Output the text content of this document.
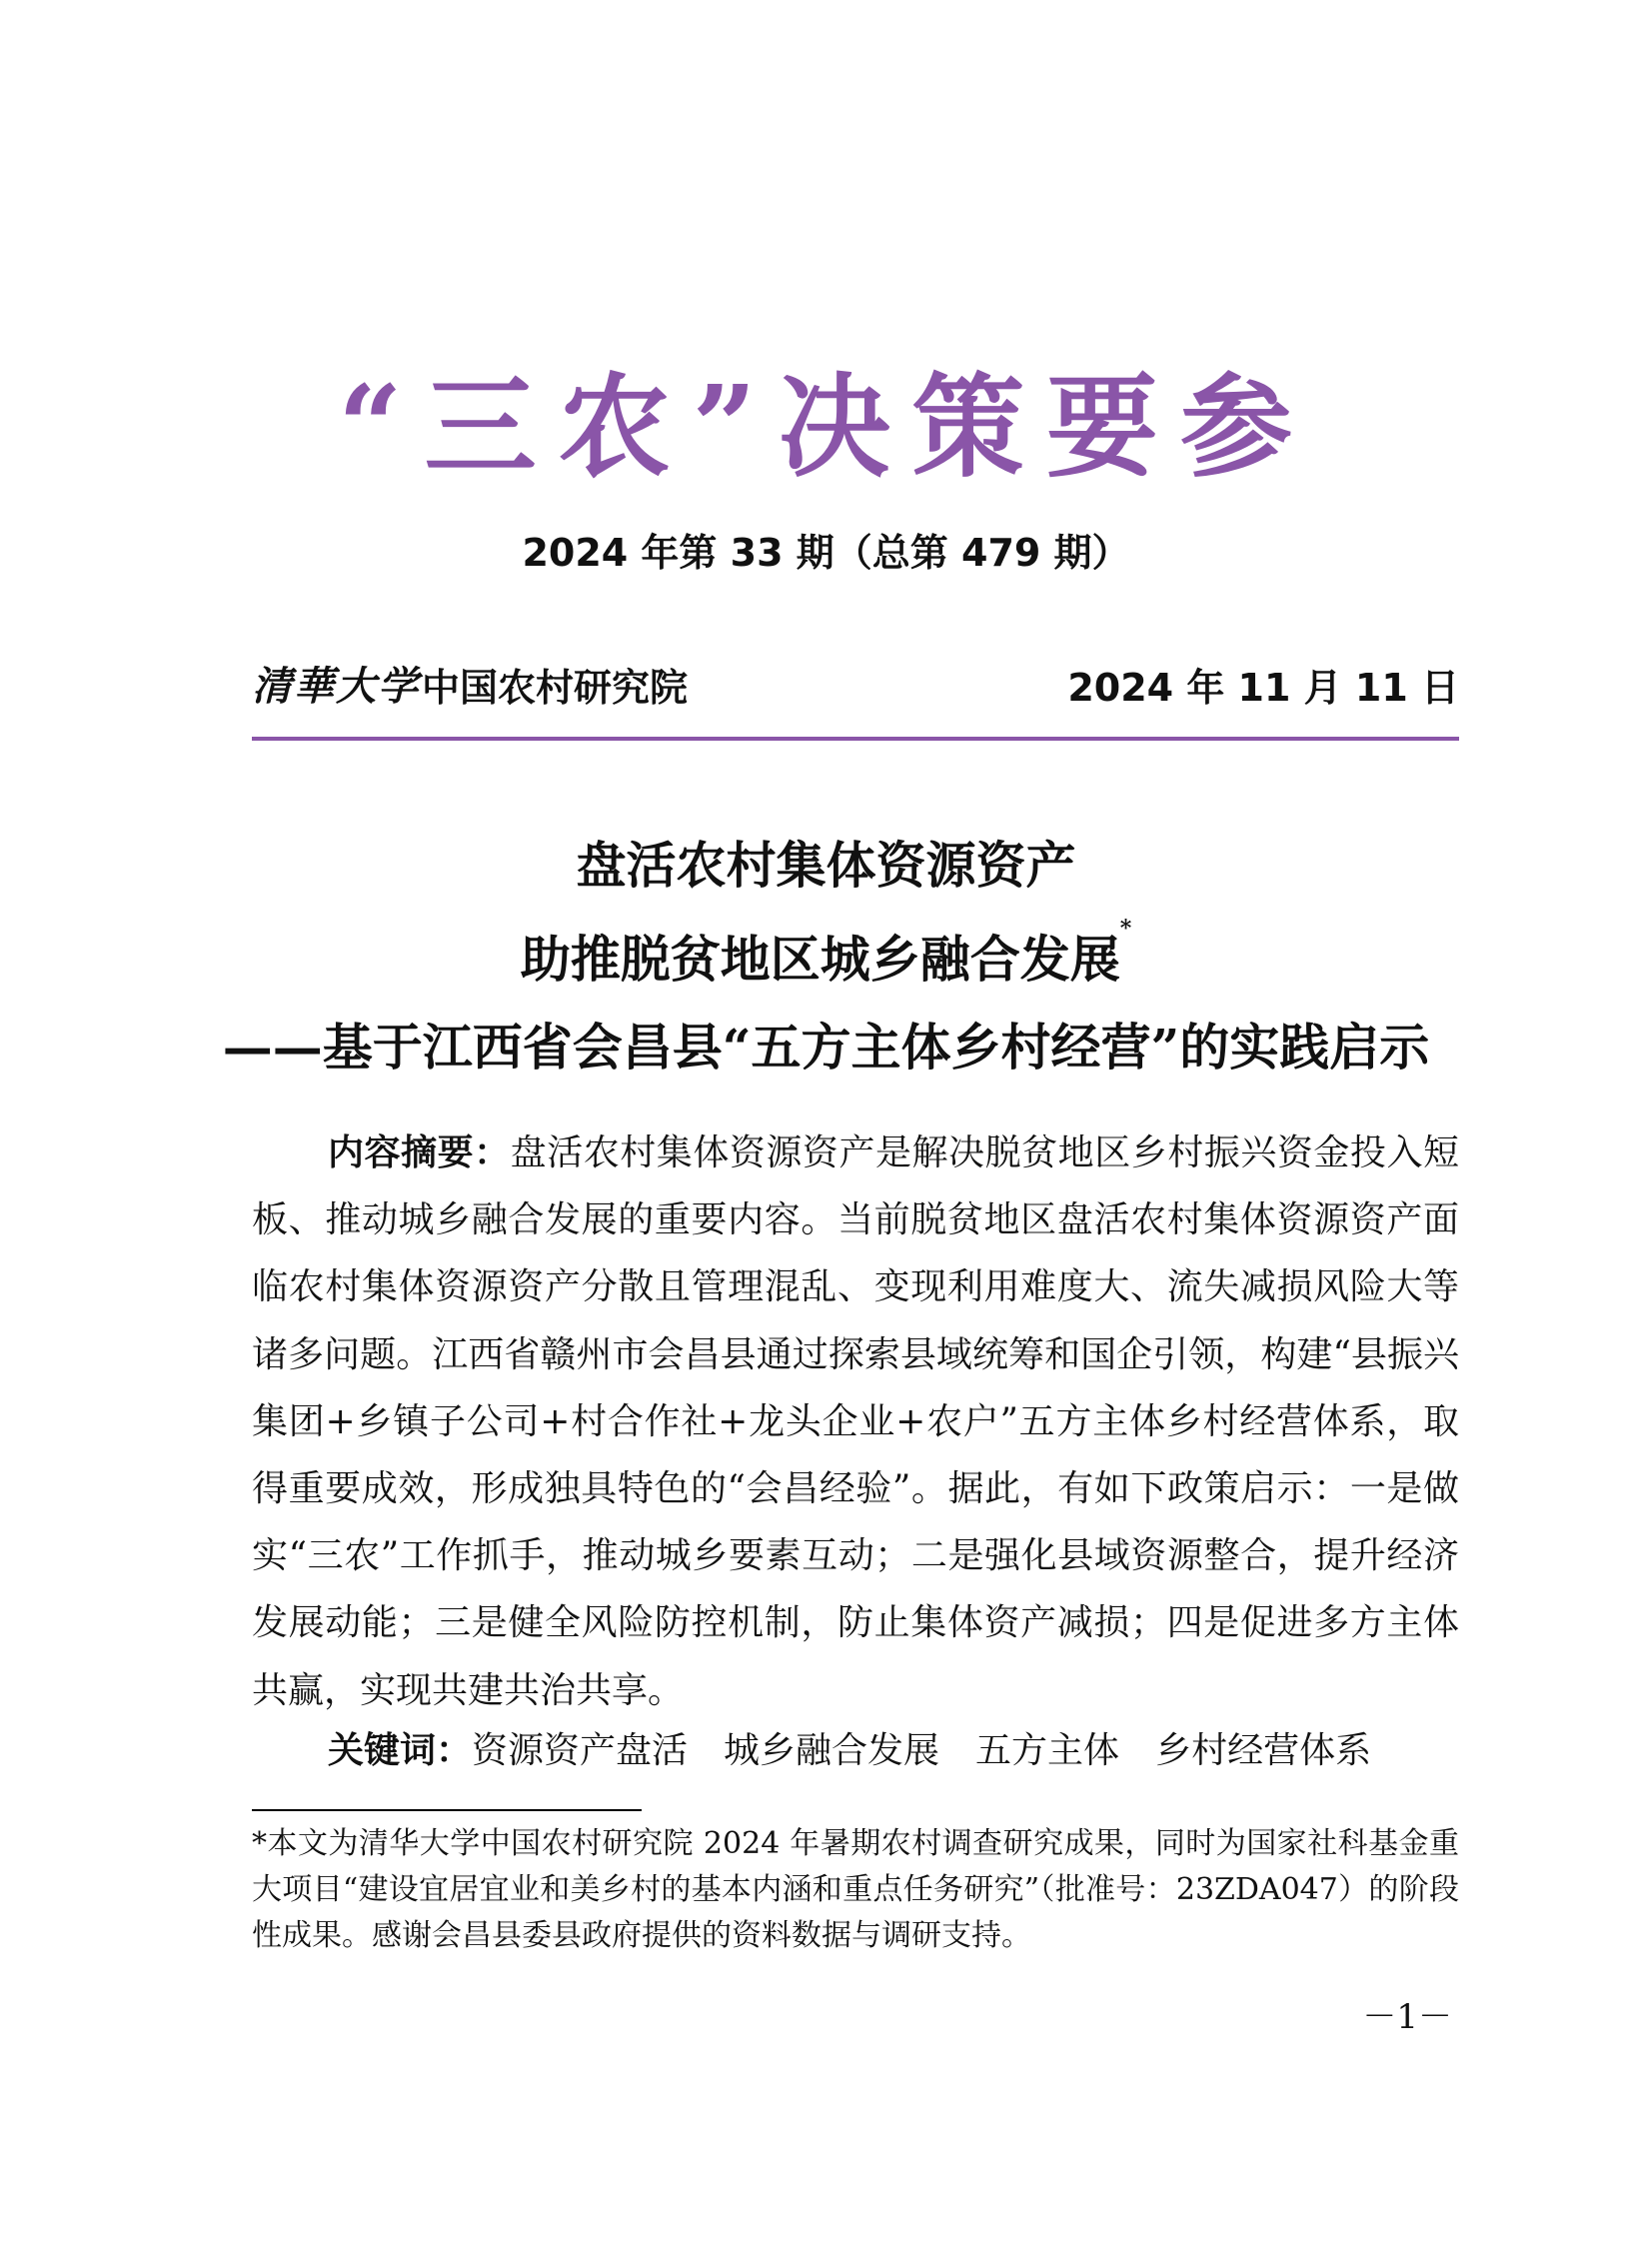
“三农”决策要参
2024 年第 33 期（总第 479 期）
清華大学 中国农村研究院	2024 年 11 月 11 日
盘活农村集体资源资产
助推脱贫地区城乡融合发展*
——基于江西省会昌县“五方主体乡村经营”的实践启示
内容摘要：盘活农村集体资源资产是解决脱贫地区乡村振兴资金投入短板、推动城乡融合发展的重要内容。当前脱贫地区盘活农村集体资源资产面临农村集体资源资产分散且管理混乱、变现利用难度大、流失减损风险大等诸多问题。江西省赣州市会昌县通过探索县域统筹和国企引领，构建“县振兴集团+乡镇子公司+村合作社+龙头企业+农户”五方主体乡村经营体系，取得重要成效，形成独具特色的“会昌经验”。据此，有如下政策启示：一是做实“三农”工作抓手，推动城乡要素互动；二是强化县域资源整合，提升经济发展动能；三是健全风险防控机制，防止集体资产减损；四是促进多方主体共赢，实现共建共治共享。
关键词：资源资产盘活 城乡融合发展 五方主体 乡村经营体系
*本文为清华大学中国农村研究院 2024 年暑期农村调查研究成果，同时为国家社科基金重大项目“建设宜居宜业和美乡村的基本内涵和重点任务研究”（批准号：23ZDA047）的阶段性成果。感谢会昌县委县政府提供的资料数据与调研支持。
－1－
